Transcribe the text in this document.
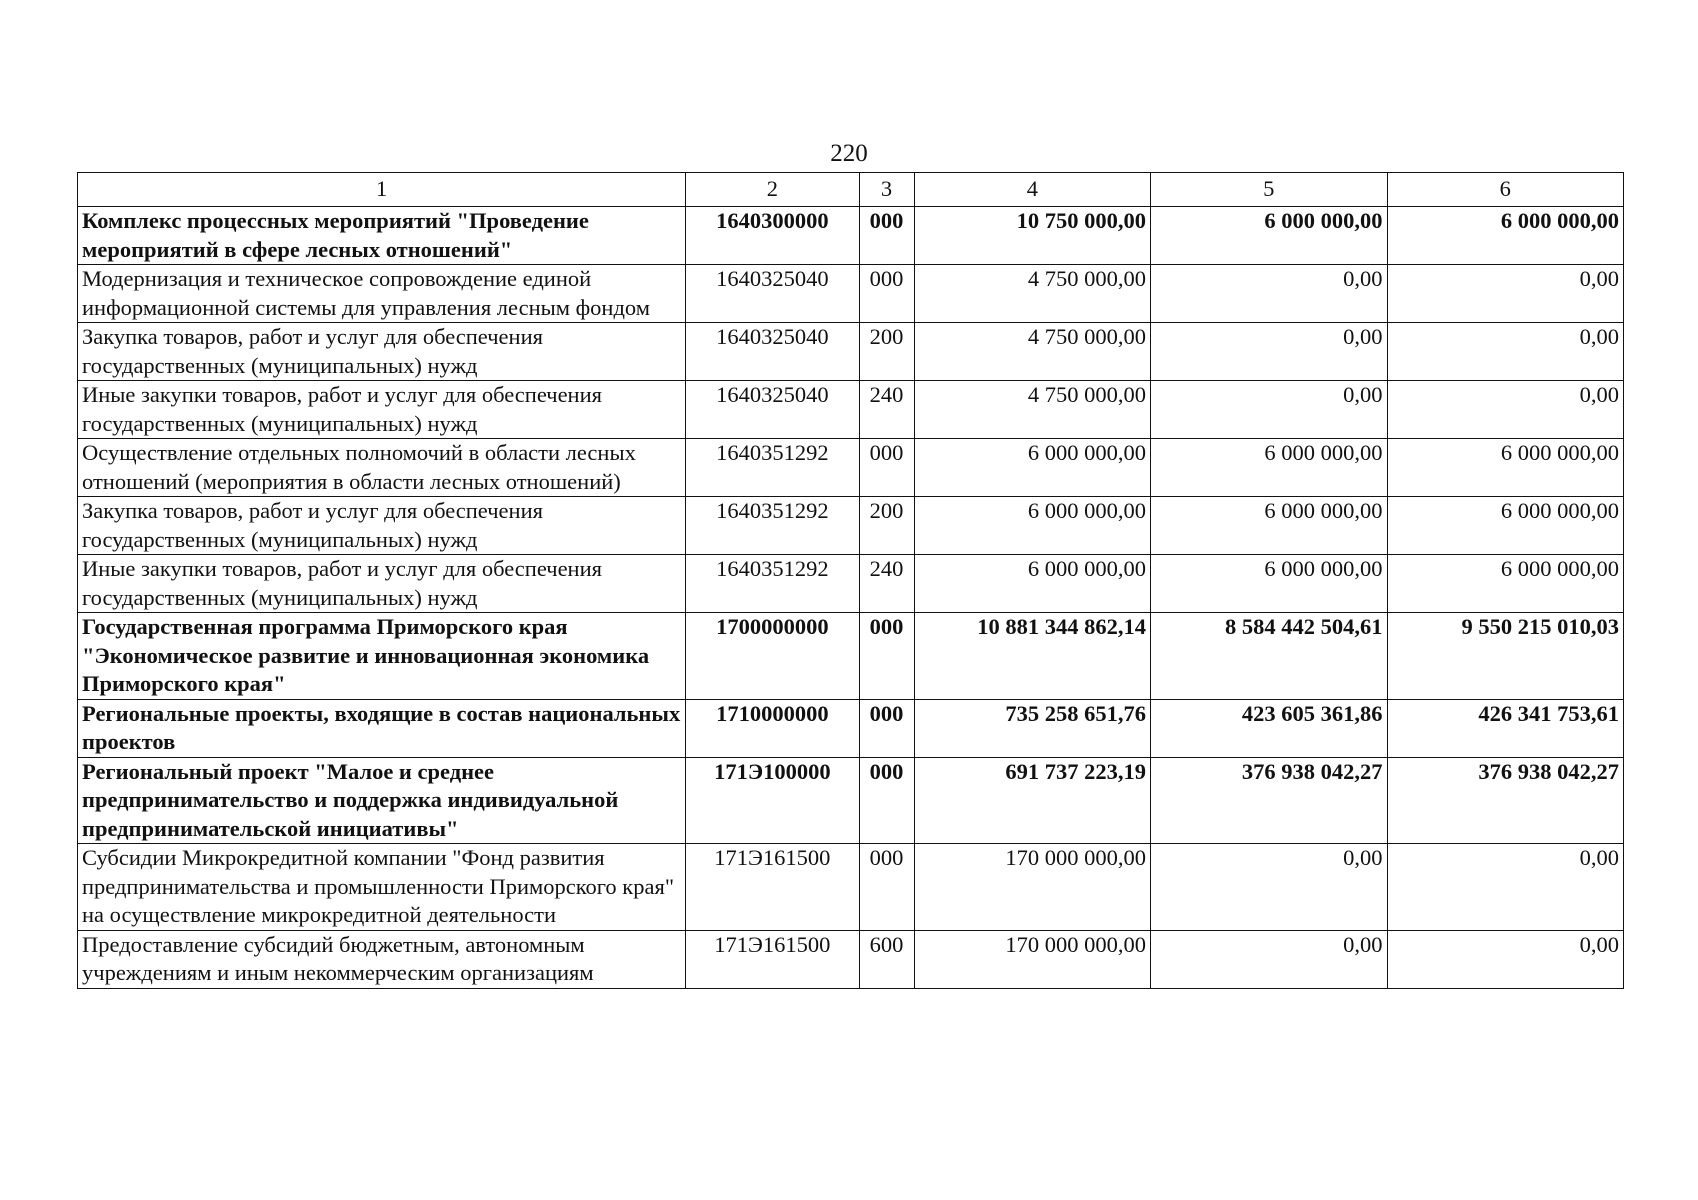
220
1	2	3	4	5	6
Комплекс процессных мероприятий "Проведение мероприятий в сфере лесных отношений"	1640300000	000	10 750 000,00	6 000 000,00	6 000 000,00
Модернизация и техническое сопровождение единой информационной системы для управления лесным фондом	1640325040	000	4 750 000,00	0,00	0,00
Закупка товаров, работ и услуг для обеспечения государственных (муниципальных) нужд	1640325040	200	4 750 000,00	0,00	0,00
Иные закупки товаров, работ и услуг для обеспечения государственных (муниципальных) нужд	1640325040	240	4 750 000,00	0,00	0,00
Осуществление отдельных полномочий в области лесных отношений (мероприятия в области лесных отношений)	1640351292	000	6 000 000,00	6 000 000,00	6 000 000,00
Закупка товаров, работ и услуг для обеспечения государственных (муниципальных) нужд	1640351292	200	6 000 000,00	6 000 000,00	6 000 000,00
Иные закупки товаров, работ и услуг для обеспечения государственных (муниципальных) нужд	1640351292	240	6 000 000,00	6 000 000,00	6 000 000,00
Государственная программа Приморского края "Экономическое развитие и инновационная экономика Приморского края"	1700000000	000	10 881 344 862,14	8 584 442 504,61	9 550 215 010,03
Региональные проекты, входящие в состав национальных проектов	1710000000	000	735 258 651,76	423 605 361,86	426 341 753,61
Региональный проект "Малое и среднее предпринимательство и поддержка индивидуальной предпринимательской инициативы"	171Э100000	000	691 737 223,19	376 938 042,27	376 938 042,27
Субсидии Микрокредитной компании "Фонд развития предпринимательства и промышленности Приморского края" на осуществление микрокредитной деятельности	171Э161500	000	170 000 000,00	0,00	0,00
Предоставление субсидий бюджетным, автономным учреждениям и иным некоммерческим организациям	171Э161500	600	170 000 000,00	0,00	0,00
